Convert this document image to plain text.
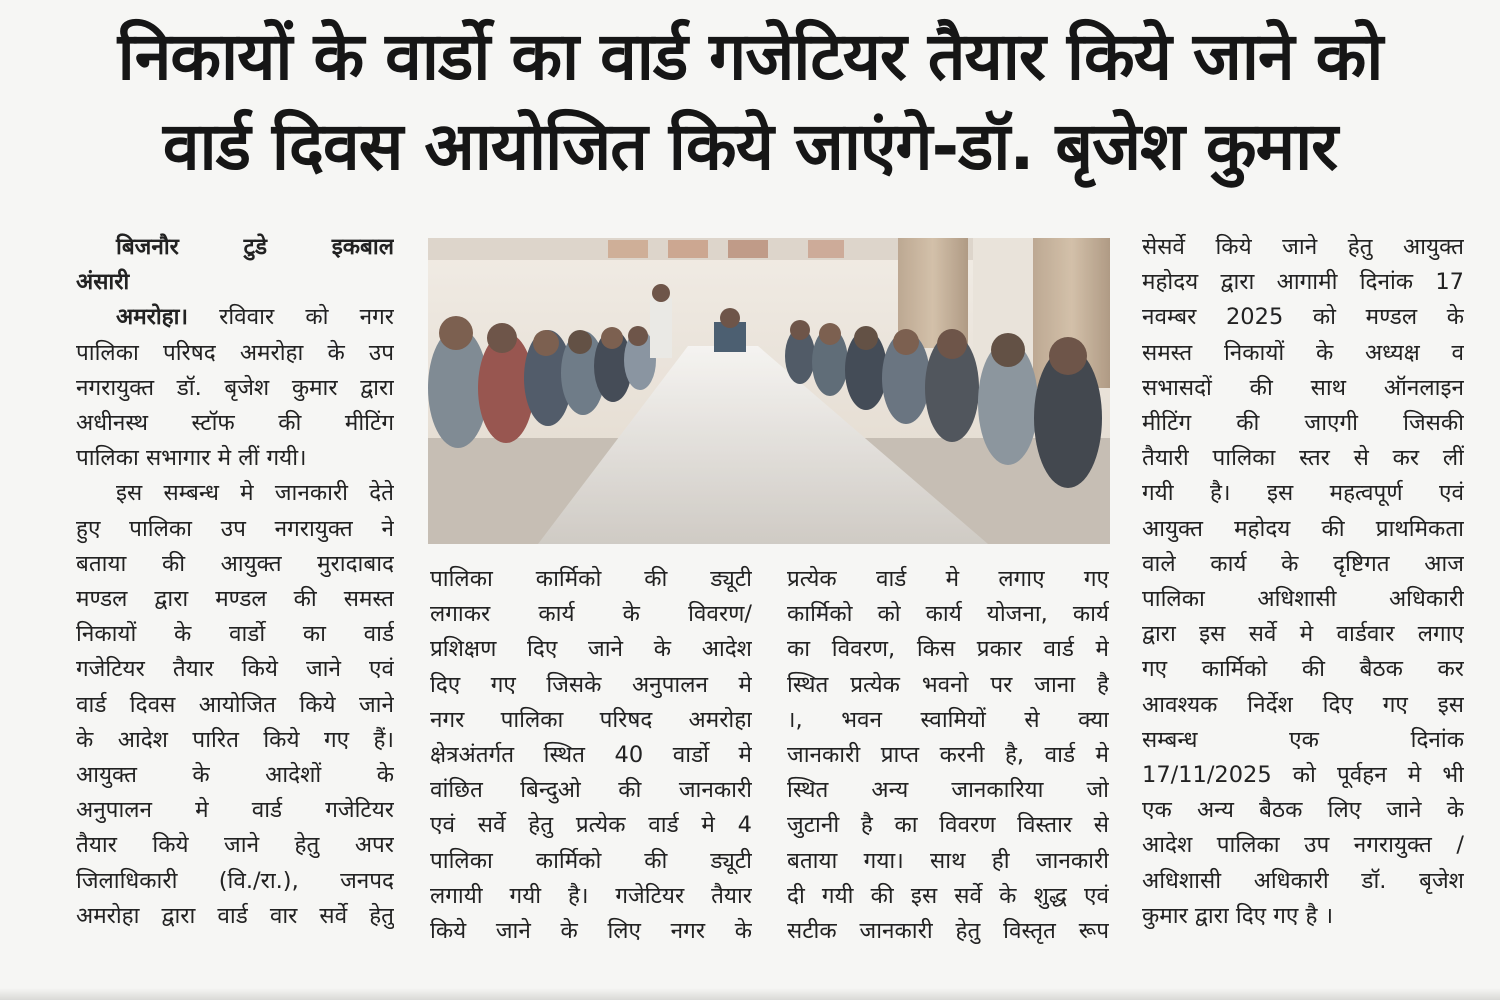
निकायों के वार्डो का वार्ड गजेटियर तैयार किये जाने को
वार्ड दिवस आयोजित किये जाएंगे-डॉ. बृजेश कुमार
बिजनौर टुडे इकबाल
अंसारी
अमरोहा। रविवार को नगर
पालिका परिषद अमरोहा के उप
नगरायुक्त डॉ. बृजेश कुमार द्वारा
अधीनस्थ स्टॉफ की मीटिंग
पालिका सभागार मे लीं गयी।
इस सम्बन्ध मे जानकारी देते
हुए पालिका उप नगरायुक्त ने
बताया की आयुक्त मुरादाबाद
मण्डल द्वारा मण्डल की समस्त
निकायों के वार्डो का वार्ड
गजेटियर तैयार किये जाने एवं
वार्ड दिवस आयोजित किये जाने
के आदेश पारित किये गए हैं।
आयुक्त के आदेशों के
अनुपालन मे वार्ड गजेटियर
तैयार किये जाने हेतु अपर
जिलाधिकारी (वि./रा.), जनपद
अमरोहा द्वारा वार्ड वार सर्वे हेतु
पालिका कार्मिको की ड्यूटी
लगाकर कार्य के विवरण/
प्रशिक्षण दिए जाने के आदेश
दिए गए जिसके अनुपालन मे
नगर पालिका परिषद अमरोहा
क्षेत्रअंतर्गत स्थित 40 वार्डो मे
वांछित बिन्दुओ की जानकारी
एवं सर्वे हेतु प्रत्येक वार्ड मे 4
पालिका कार्मिको की ड्यूटी
लगायी गयी है। गजेटियर तैयार
किये जाने के लिए नगर के
प्रत्येक वार्ड मे लगाए गए
कार्मिको को कार्य योजना, कार्य
का विवरण, किस प्रकार वार्ड मे
स्थित प्रत्येक भवनो पर जाना है
।, भवन स्वामियों से क्या
जानकारी प्राप्त करनी है, वार्ड मे
स्थित अन्य जानकारिया जो
जुटानी है का विवरण विस्तार से
बताया गया। साथ ही जानकारी
दी गयी की इस सर्वे के शुद्ध एवं
सटीक जानकारी हेतु विस्तृत रूप
सेसर्वे किये जाने हेतु आयुक्त
महोदय द्वारा आगामी दिनांक 17
नवम्बर 2025 को मण्डल के
समस्त निकायों के अध्यक्ष व
सभासदों की साथ ऑनलाइन
मीटिंग की जाएगी जिसकी
तैयारी पालिका स्तर से कर लीं
गयी है। इस महत्वपूर्ण एवं
आयुक्त महोदय की प्राथमिकता
वाले कार्य के दृष्टिगत आज
पालिका अधिशासी अधिकारी
द्वारा इस सर्वे मे वार्डवार लगाए
गए कार्मिको की बैठक कर
आवश्यक निर्देश दिए गए इस
सम्बन्ध एक दिनांक
17/11/2025 को पूर्वहन मे भी
एक अन्य बैठक लिए जाने के
आदेश पालिका उप नगरायुक्त /
अधिशासी अधिकारी डॉ. बृजेश
कुमार द्वारा दिए गए है ।
